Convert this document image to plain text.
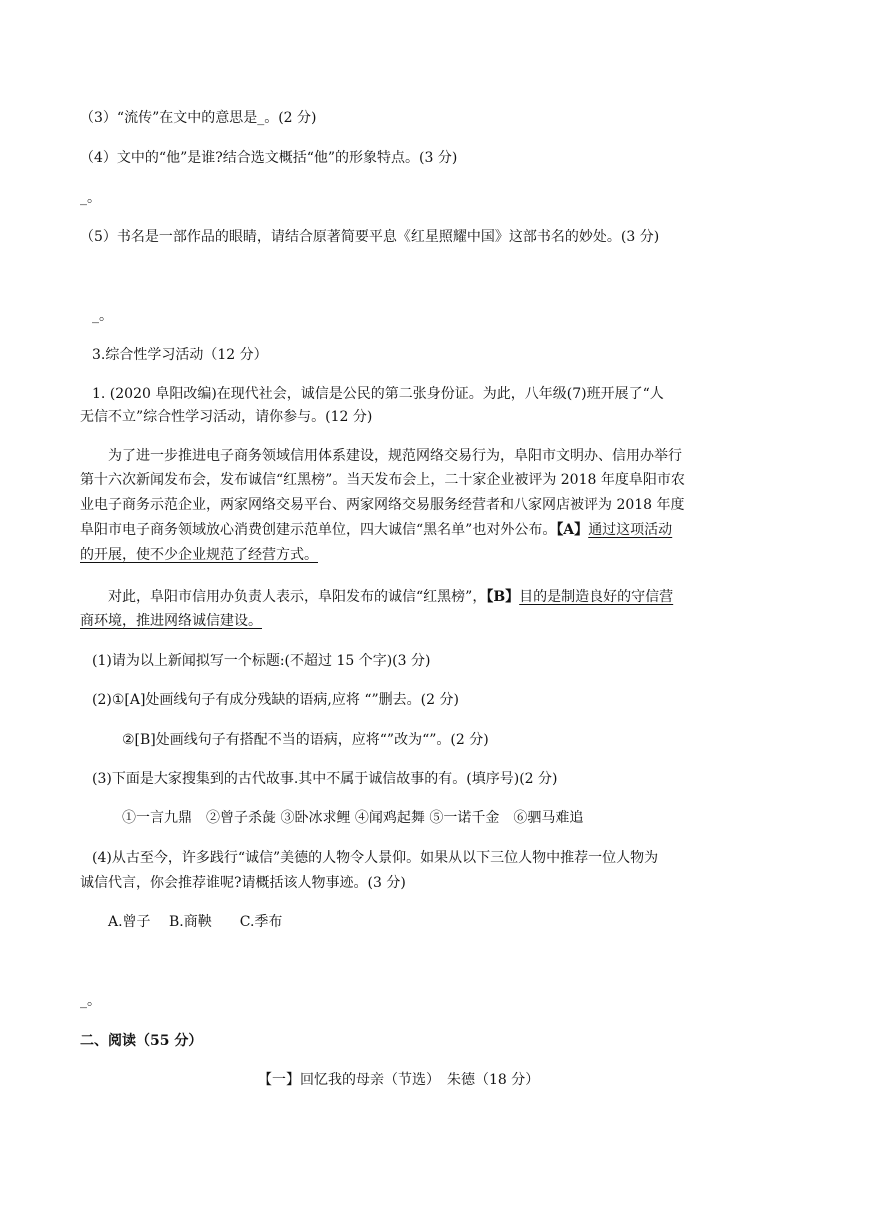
（3）“流传”在文中的意思是_。(2 分)
（4）文中的“他”是谁?结合选文概括“他”的形象特点。(3 分)
_。
（5）书名是一部作品的眼睛，请结合原著简要平息《红星照耀中国》这部书名的妙处。(3 分)
_。
3.综合性学习活动（12 分）
1. (2020 阜阳改编)在现代社会，诚信是公民的第二张身份证。为此，八年级(7)班开展了“人
无信不立”综合性学习活动，请你参与。(12 分)
为了进一步推进电子商务领域信用体系建设，规范网络交易行为，阜阳市文明办、信用办举行
第十六次新闻发布会，发布诚信“红黑榜”。当天发布会上，二十家企业被评为 2018 年度阜阳市农
业电子商务示范企业，两家网络交易平台、两家网络交易服务经营者和八家网店被评为 2018 年度
阜阳市电子商务领域放心消费创建示范单位，四大诚信“黑名单”也对外公布。【A】通过这项活动
的开展，使不少企业规范了经营方式。
对此，阜阳市信用办负责人表示，阜阳发布的诚信“红黑榜”，【B】目的是制造良好的守信营
商环境，推进网络诚信建设。
(1)请为以上新闻拟写一个标题:(不超过 15 个字)(3 分)
(2)①[A]处画线句子有成分残缺的语病,应将 “”删去。(2 分)
②[B]处画线句子有搭配不当的语病，应将“”改为“”。(2 分)
(3)下面是大家搜集到的古代故事.其中不属于诚信故事的有。(填序号)(2 分)
①一言九鼎　②曾子杀彘 ③卧冰求鲤 ④闻鸡起舞 ⑤一诺千金　⑥驷马难追
(4)从古至今，许多践行“诚信”美德的人物令人景仰。如果从以下三位人物中推荐一位人物为
诚信代言，你会推荐谁呢?请概括该人物事迹。(3 分)
A.曾子　 B.商鞅　　C.季布
_。
二、阅读（55 分）
【一】回忆我的母亲（节选）　朱德（18 分）
